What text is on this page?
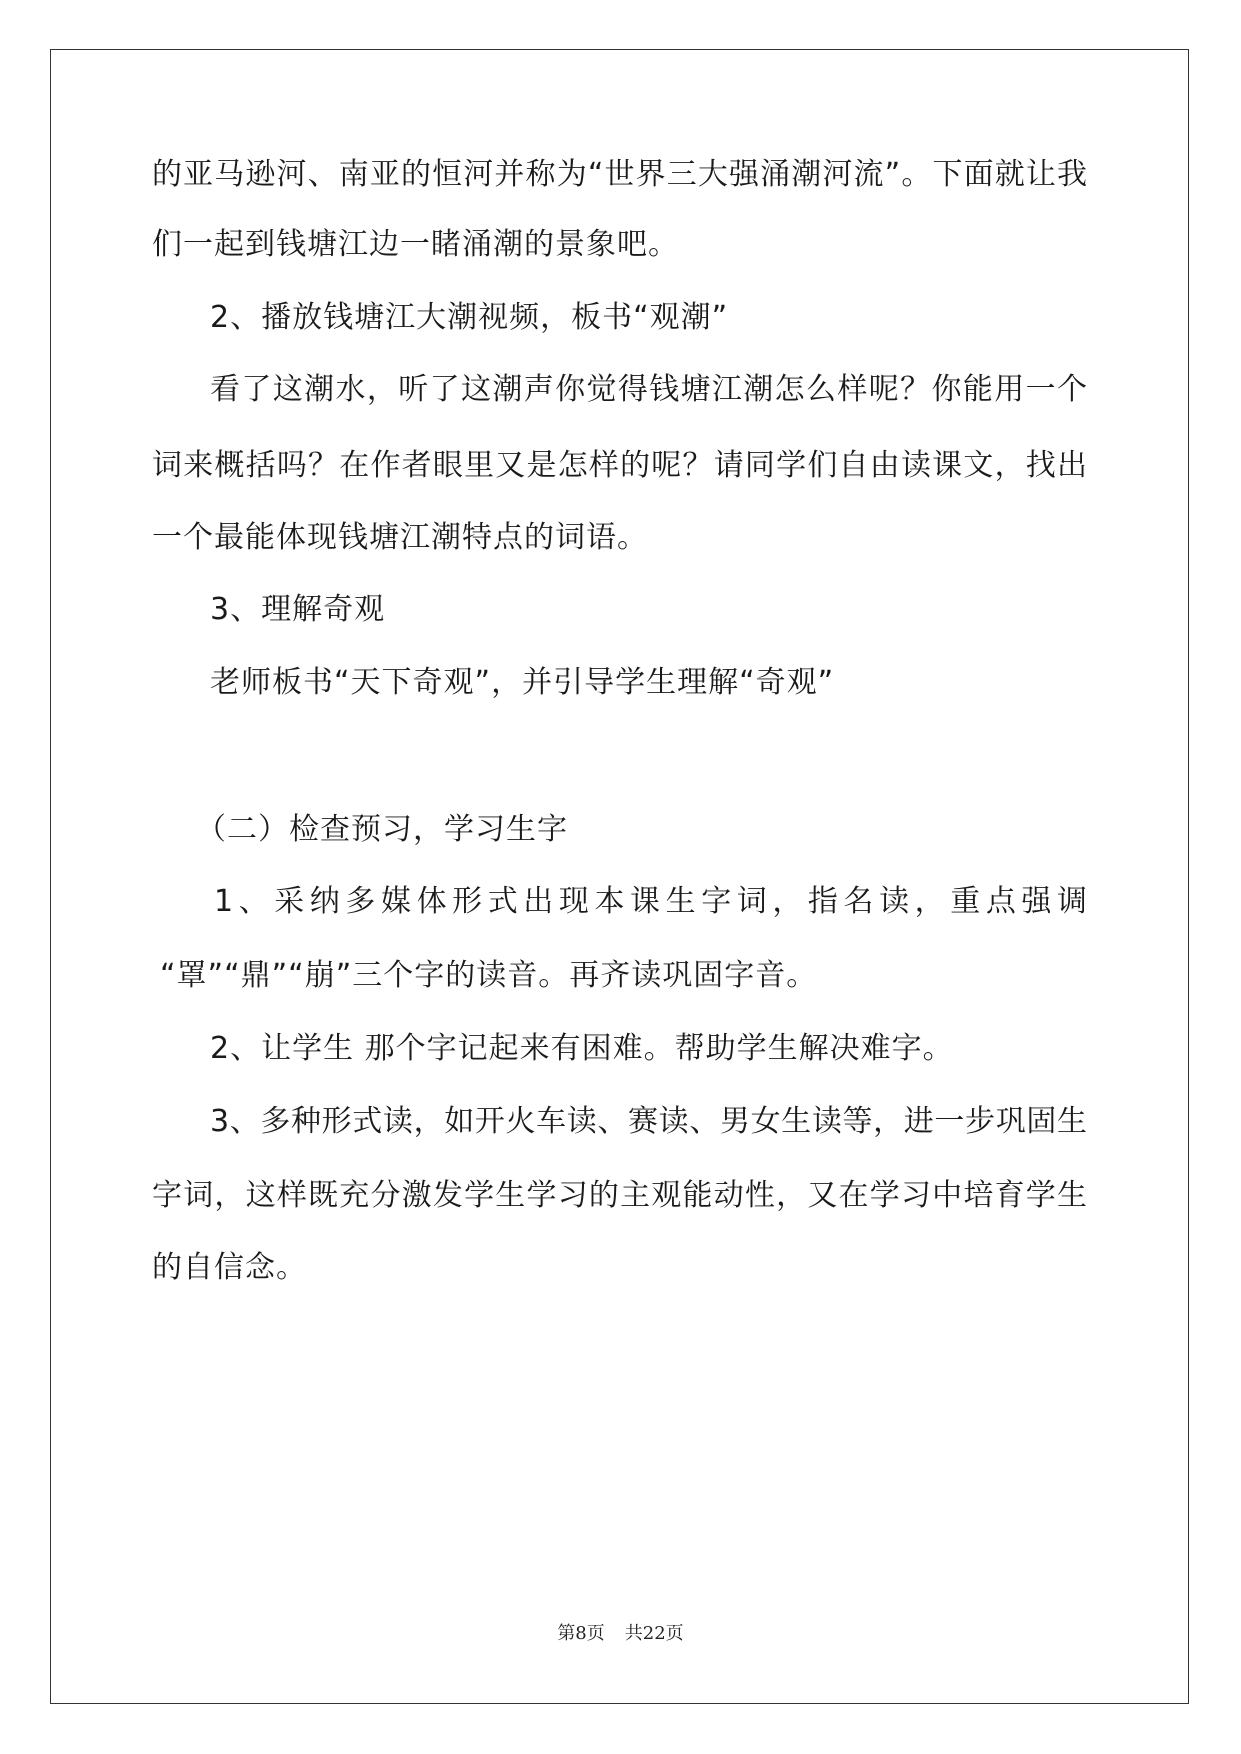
的亚马逊河、南亚的恒河并称为“世界三大强涌潮河流”。下面就让我
们一起到钱塘江边一睹涌潮的景象吧。
2、播放钱塘江大潮视频，板书“观潮”
看了这潮水，听了这潮声你觉得钱塘江潮怎么样呢？你能用一个
词来概括吗？在作者眼里又是怎样的呢？请同学们自由读课文，找出
一个最能体现钱塘江潮特点的词语。
3、理解奇观
老师板书“天下奇观”，并引导学生理解“奇观”
（二）检查预习，学习生字
1、采纳多媒体形式出现本课生字词，指名读，重点强调
“罩”“鼎”“崩”三个字的读音。再齐读巩固字音。
2、让学生 那个字记起来有困难。帮助学生解决难字。
3、多种形式读，如开火车读、赛读、男女生读等，进一步巩固生
字词，这样既充分激发学生学习的主观能动性，又在学习中培育学生
的自信念。
第8页 共22页
